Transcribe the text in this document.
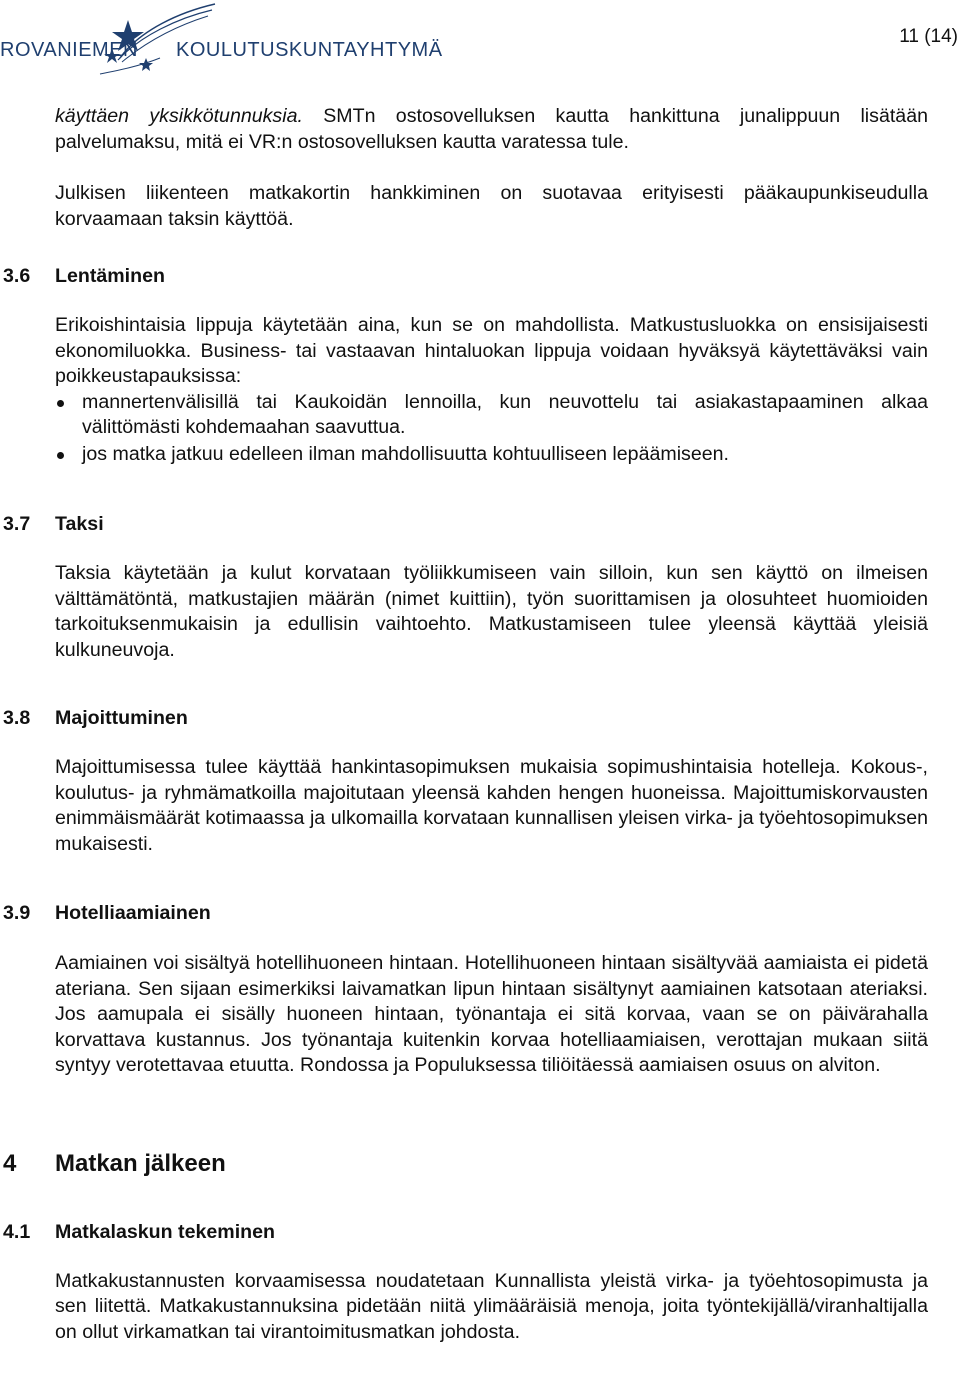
ROVANIEMEN KOULUTUSKUNTAYHTYMÄ
11 (14)

käyttäen yksikkötunnuksia. SMTn ostosovelluksen kautta hankittuna junalippuun lisätään palvelumaksu, mitä ei VR:n ostosovelluksen kautta varatessa tule.

Julkisen liikenteen matkakortin hankkiminen on suotavaa erityisesti pääkaupunkiseudulla korvaamaan taksin käyttöä.

3.6	Lentäminen

Erikoishintaisia lippuja käytetään aina, kun se on mahdollista. Matkustusluokka on ensisijaisesti ekonomiluokka. Business- tai vastaavan hintaluokan lippuja voidaan hyväksyä käytettäväksi vain poikkeustapauksissa:

mannertenvälisillä tai Kaukoidän lennoilla, kun neuvottelu tai asiakastapaaminen alkaa välittömästi kohdemaahan saavuttua.
jos matka jatkuu edelleen ilman mahdollisuutta kohtuulliseen lepäämiseen.
3.7	Taksi

Taksia käytetään ja kulut korvataan työliikkumiseen vain silloin, kun sen käyttö on ilmeisen välttämätöntä, matkustajien määrän (nimet kuittiin), työn suorittamisen ja olosuhteet huomioiden tarkoituksenmukaisin ja edullisin vaihtoehto. Matkustamiseen tulee yleensä käyttää yleisiä kulkuneuvoja.

3.8	Majoittuminen

Majoittumisessa tulee käyttää hankintasopimuksen mukaisia sopimushintaisia hotelleja. Kokous-, koulutus- ja ryhmämatkoilla majoitutaan yleensä kahden hengen huoneissa. Majoittumiskorvausten enimmäismäärät kotimaassa ja ulkomailla korvataan kunnallisen yleisen virka- ja työehtosopimuksen mukaisesti.

3.9	Hotelliaamiainen

Aamiainen voi sisältyä hotellihuoneen hintaan. Hotellihuoneen hintaan sisältyvää aamiaista ei pidetä ateriana. Sen sijaan esimerkiksi laivamatkan lipun hintaan sisältynyt aamiainen katsotaan ateriaksi. Jos aamupala ei sisälly huoneen hintaan, työnantaja ei sitä korvaa, vaan se on päivärahalla korvattava kustannus. Jos työnantaja kuitenkin korvaa hotelliaamiaisen, verottajan mukaan siitä syntyy verotettavaa etuutta. Rondossa ja Populuksessa tiliöitäessä aamiaisen osuus on alviton.

4	Matkan jälkeen
4.1	Matkalaskun tekeminen

Matkakustannusten korvaamisessa noudatetaan Kunnallista yleistä virka- ja työehtosopimusta ja sen liitettä. Matkakustannuksina pidetään niitä ylimääräisiä menoja, joita työntekijällä/viranhaltijalla on ollut virkamatkan tai virantoimitusmatkan johdosta.
